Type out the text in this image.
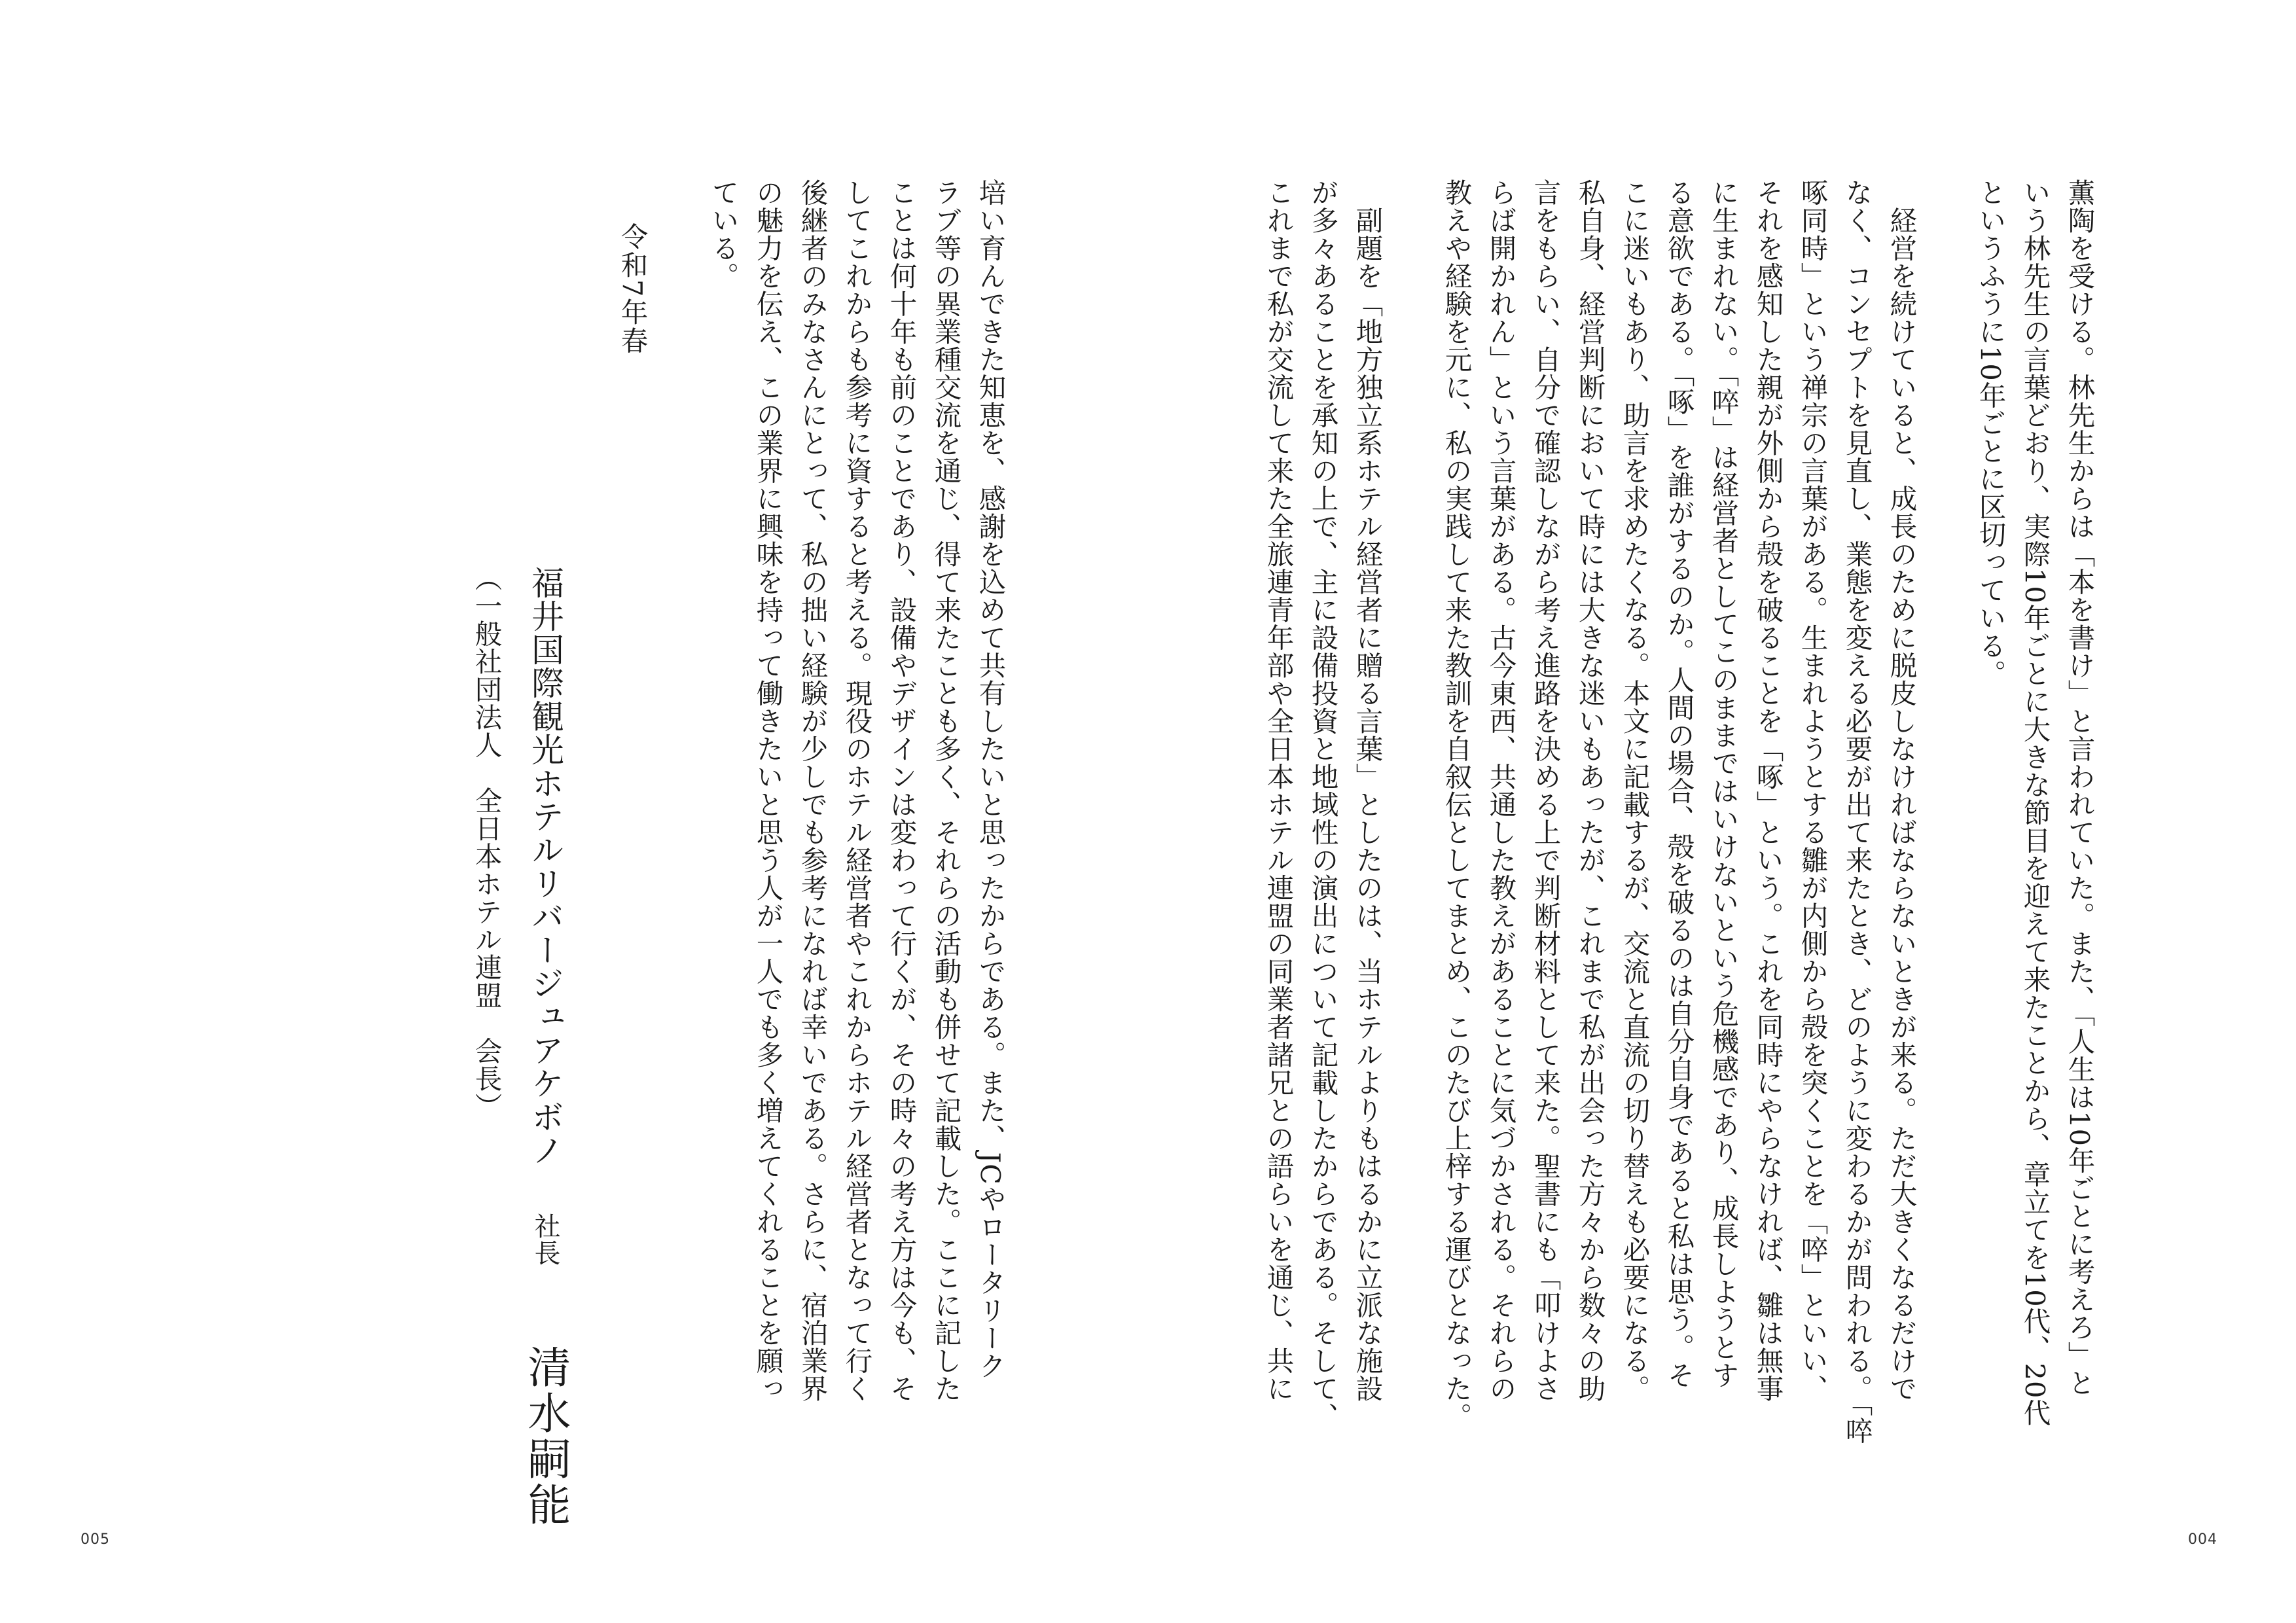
薫陶を受ける。林先生からは「本を書け」と言われていた。また、「人生は10年ごとに考えろ」と
いう林先生の言葉どおり、実際10年ごとに大きな節目を迎えて来たことから、章立てを10代、20代
というふうに10年ごとに区切っている。
　経営を続けていると、成長のために脱皮しなければならないときが来る。ただ大きくなるだけで
なく、コンセプトを見直し、業態を変える必要が出て来たとき、どのように変わるかが問われる。「啐
啄同時」という禅宗の言葉がある。生まれようとする雛が内側から殻を突くことを「啐」といい、
それを感知した親が外側から殻を破ることを「啄」という。これを同時にやらなければ、雛は無事
に生まれない。「啐」は経営者としてこのままではいけないという危機感であり、成長しようとす
る意欲である。「啄」を誰がするのか。人間の場合、殻を破るのは自分自身であると私は思う。そ
こに迷いもあり、助言を求めたくなる。本文に記載するが、交流と直流の切り替えも必要になる。
私自身、経営判断において時には大きな迷いもあったが、これまで私が出会った方々から数々の助
言をもらい、自分で確認しながら考え進路を決める上で判断材料として来た。聖書にも「叩けよさ
らば開かれん」という言葉がある。古今東西、共通した教えがあることに気づかされる。それらの
教えや経験を元に、私の実践して来た教訓を自叙伝としてまとめ、このたび上梓する運びとなった。
　副題を「地方独立系ホテル経営者に贈る言葉」としたのは、当ホテルよりもはるかに立派な施設
が多々あることを承知の上で、主に設備投資と地域性の演出について記載したからである。そして、
これまで私が交流して来た全旅連青年部や全日本ホテル連盟の同業者諸兄との語らいを通じ、共に
004
培い育んできた知恵を、感謝を込めて共有したいと思ったからである。また、JCやロータリーク
ラブ等の異業種交流を通じ、得て来たことも多く、それらの活動も併せて記載した。ここに記した
ことは何十年も前のことであり、設備やデザインは変わって行くが、その時々の考え方は今も、そ
してこれからも参考に資すると考える。現役のホテル経営者やこれからホテル経営者となって行く
後継者のみなさんにとって、私の拙い経験が少しでも参考になれば幸いである。さらに、宿泊業界
の魅力を伝え、この業界に興味を持って働きたいと思う人が一人でも多く増えてくれることを願っ
ている。
令和7年春
福井国際観光ホテルリバージュアケボノ社長清水嗣能
（一般社団法人　全日本ホテル連盟　会長）
005
